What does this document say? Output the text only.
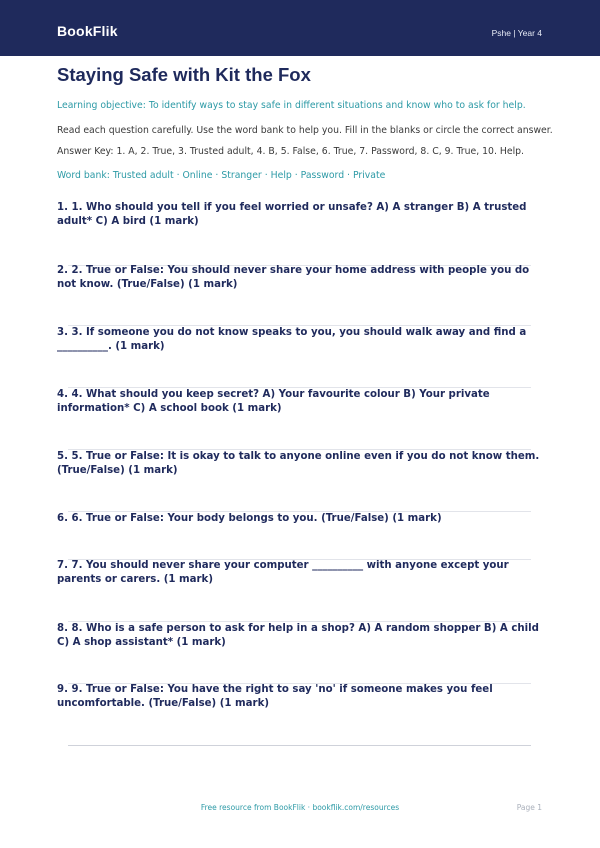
BookFlik	Pshe | Year 4
Staying Safe with Kit the Fox
Learning objective: To identify ways to stay safe in different situations and know who to ask for help.
Read each question carefully. Use the word bank to help you. Fill in the blanks or circle the correct answer.
Answer Key: 1. A, 2. True, 3. Trusted adult, 4. B, 5. False, 6. True, 7. Password, 8. C, 9. True, 10. Help.
Word bank: Trusted adult · Online · Stranger · Help · Password · Private
1. 1. Who should you tell if you feel worried or unsafe? A) A stranger B) A trusted adult* C) A bird (1 mark)
2. 2. True or False: You should never share your home address with people you do not know. (True/False) (1 mark)
3. 3. If someone you do not know speaks to you, you should walk away and find a __________. (1 mark)
4. 4. What should you keep secret? A) Your favourite colour B) Your private information* C) A school book (1 mark)
5. 5. True or False: It is okay to talk to anyone online even if you do not know them. (True/False) (1 mark)
6. 6. True or False: Your body belongs to you. (True/False) (1 mark)
7. 7. You should never share your computer __________ with anyone except your parents or carers. (1 mark)
8. 8. Who is a safe person to ask for help in a shop? A) A random shopper B) A child C) A shop assistant* (1 mark)
9. 9. True or False: You have the right to say 'no' if someone makes you feel uncomfortable. (True/False) (1 mark)
Free resource from BookFlik · bookflik.com/resources	Page 1
